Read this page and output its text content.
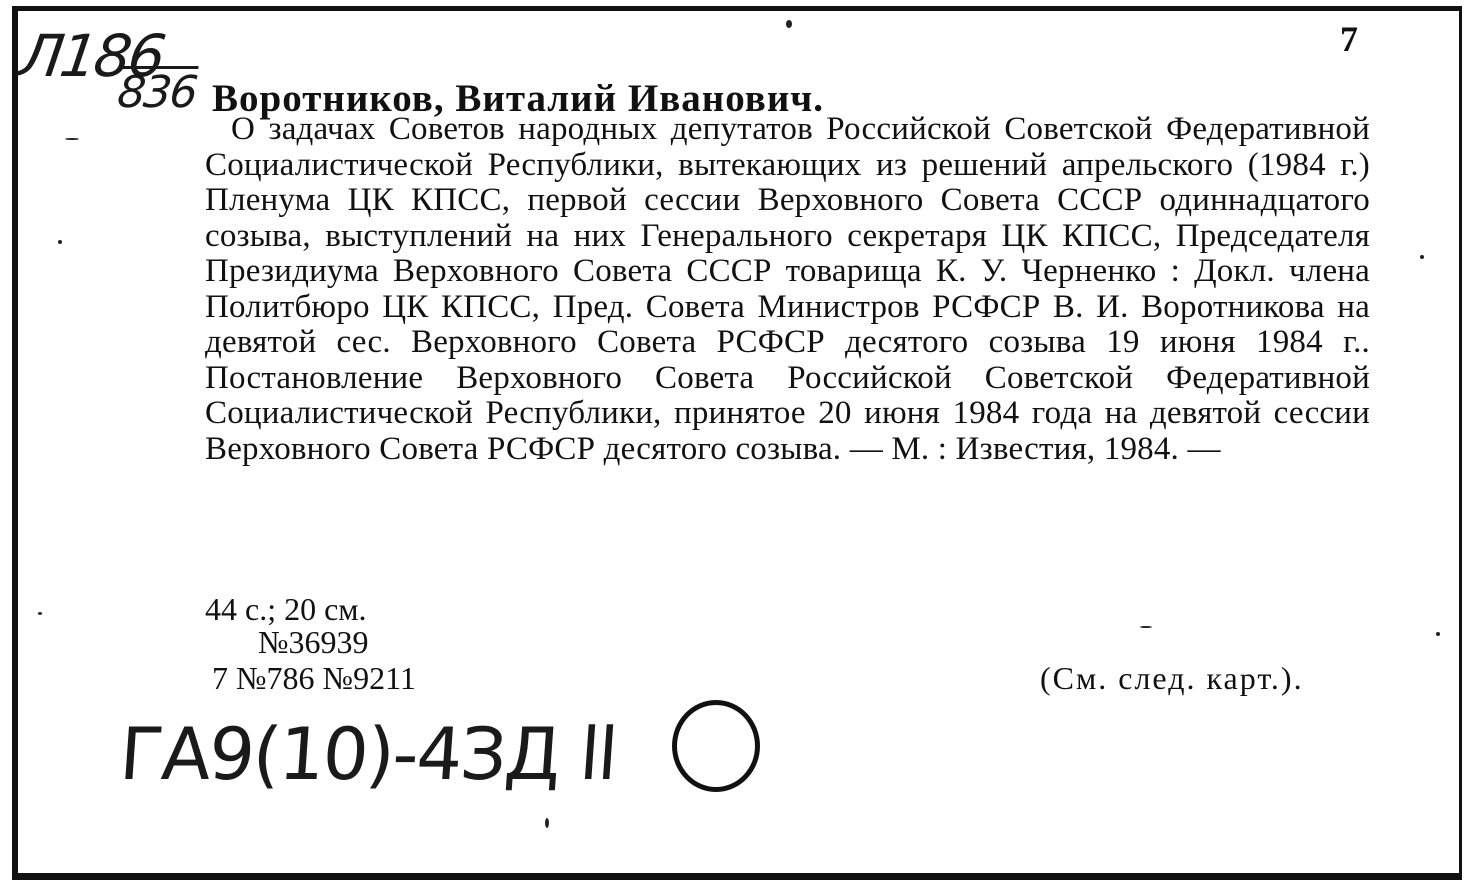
Л186
836
7
Воротников, Виталий Иванович.
О задачах Советов народных депутатов Российской Советской Федеративной Социалистической Республики, вытекающих из решений апрельского (1984 г.) Пленума ЦК КПСС, первой сессии Верховного Совета СССР одиннадцатого созыва, выступлений на них Генерального секретаря ЦК КПСС, Председателя Президиума Верховного Совета СССР товарища К. У. Черненко : Докл. члена Политбюро ЦК КПСС, Пред. Совета Министров РСФСР В. И. Воротникова на девятой сес. Верховного Совета РСФСР десятого созыва 19 июня 1984 г.. Постановление Верховного Совета Российской Советской Федеративной Социалистической Республики, принятое 20 июня 1984 года на девятой сессии Верховного Совета РСФСР десятого созыва. — М. : Известия, 1984. —
44 с.; 20 см.
№36939
7 №786 №9211	(См. след. карт.).
ГА9(10)-4ЗД ll
